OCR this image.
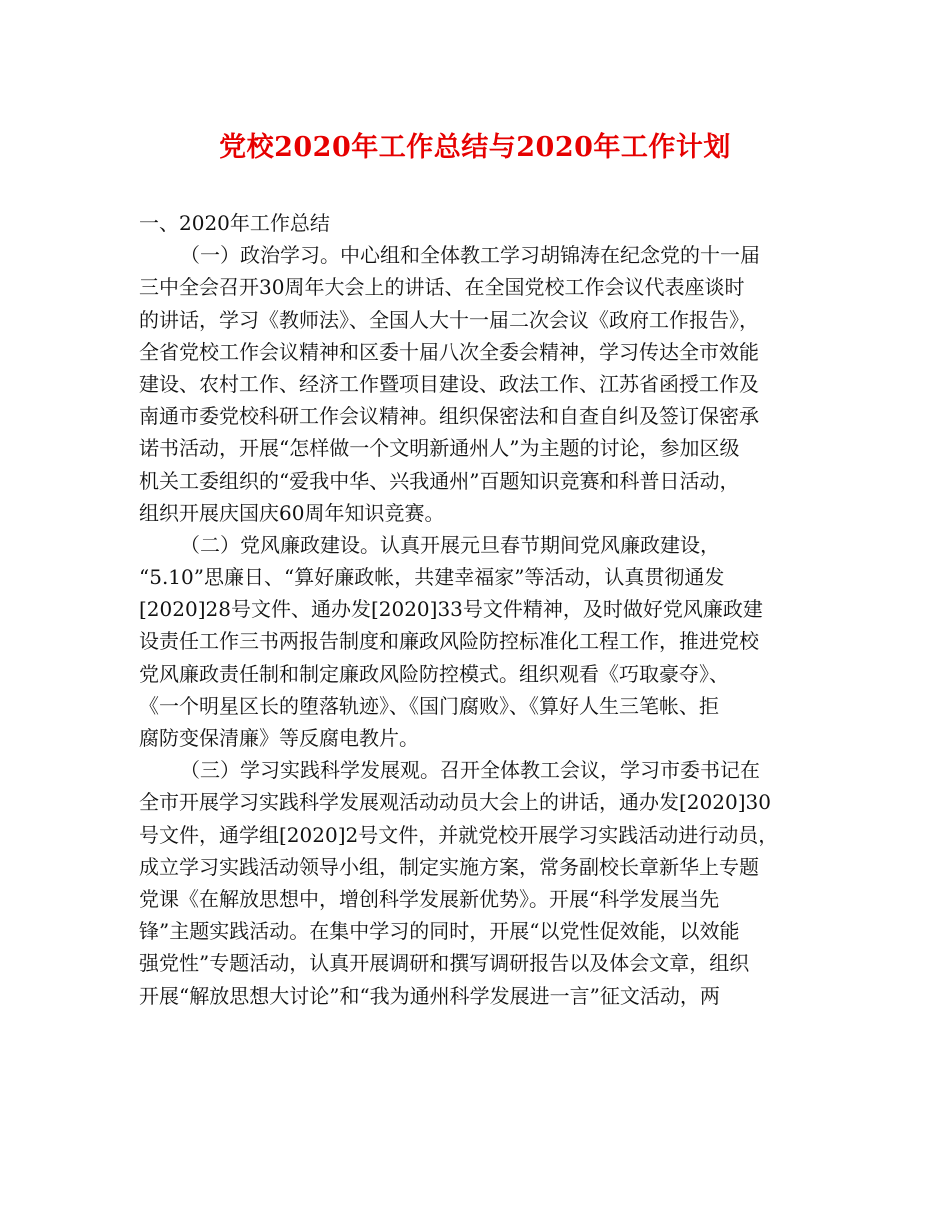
党校2020年工作总结与2020年工作计划
一、2020年工作总结
（一）政治学习。中心组和全体教工学习胡锦涛在纪念党的十一届
三中全会召开30周年大会上的讲话、在全国党校工作会议代表座谈时
的讲话，学习《教师法》、全国人大十一届二次会议《政府工作报告》，
全省党校工作会议精神和区委十届八次全委会精神，学习传达全市效能
建设、农村工作、经济工作暨项目建设、政法工作、江苏省函授工作及
南通市委党校科研工作会议精神。组织保密法和自查自纠及签订保密承
诺书活动，开展“怎样做一个文明新通州人”为主题的讨论，参加区级
机关工委组织的“爱我中华、兴我通州”百题知识竞赛和科普日活动，
组织开展庆国庆60周年知识竞赛。
（二）党风廉政建设。认真开展元旦春节期间党风廉政建设，
“5.10”思廉日、“算好廉政帐，共建幸福家”等活动，认真贯彻通发
[2020]28号文件、通办发[2020]33号文件精神，及时做好党风廉政建
设责任工作三书两报告制度和廉政风险防控标准化工程工作，推进党校
党风廉政责任制和制定廉政风险防控模式。组织观看《巧取豪夺》、
《一个明星区长的堕落轨迹》、《国门腐败》、《算好人生三笔帐、拒
腐防变保清廉》等反腐电教片。
（三）学习实践科学发展观。召开全体教工会议，学习市委书记在
全市开展学习实践科学发展观活动动员大会上的讲话，通办发[2020]30
号文件，通学组[2020]2号文件，并就党校开展学习实践活动进行动员，
成立学习实践活动领导小组，制定实施方案，常务副校长章新华上专题
党课《在解放思想中，增创科学发展新优势》。开展“科学发展当先
锋”主题实践活动。在集中学习的同时，开展“以党性促效能，以效能
强党性”专题活动，认真开展调研和撰写调研报告以及体会文章，组织
开展“解放思想大讨论”和“我为通州科学发展进一言”征文活动，两
